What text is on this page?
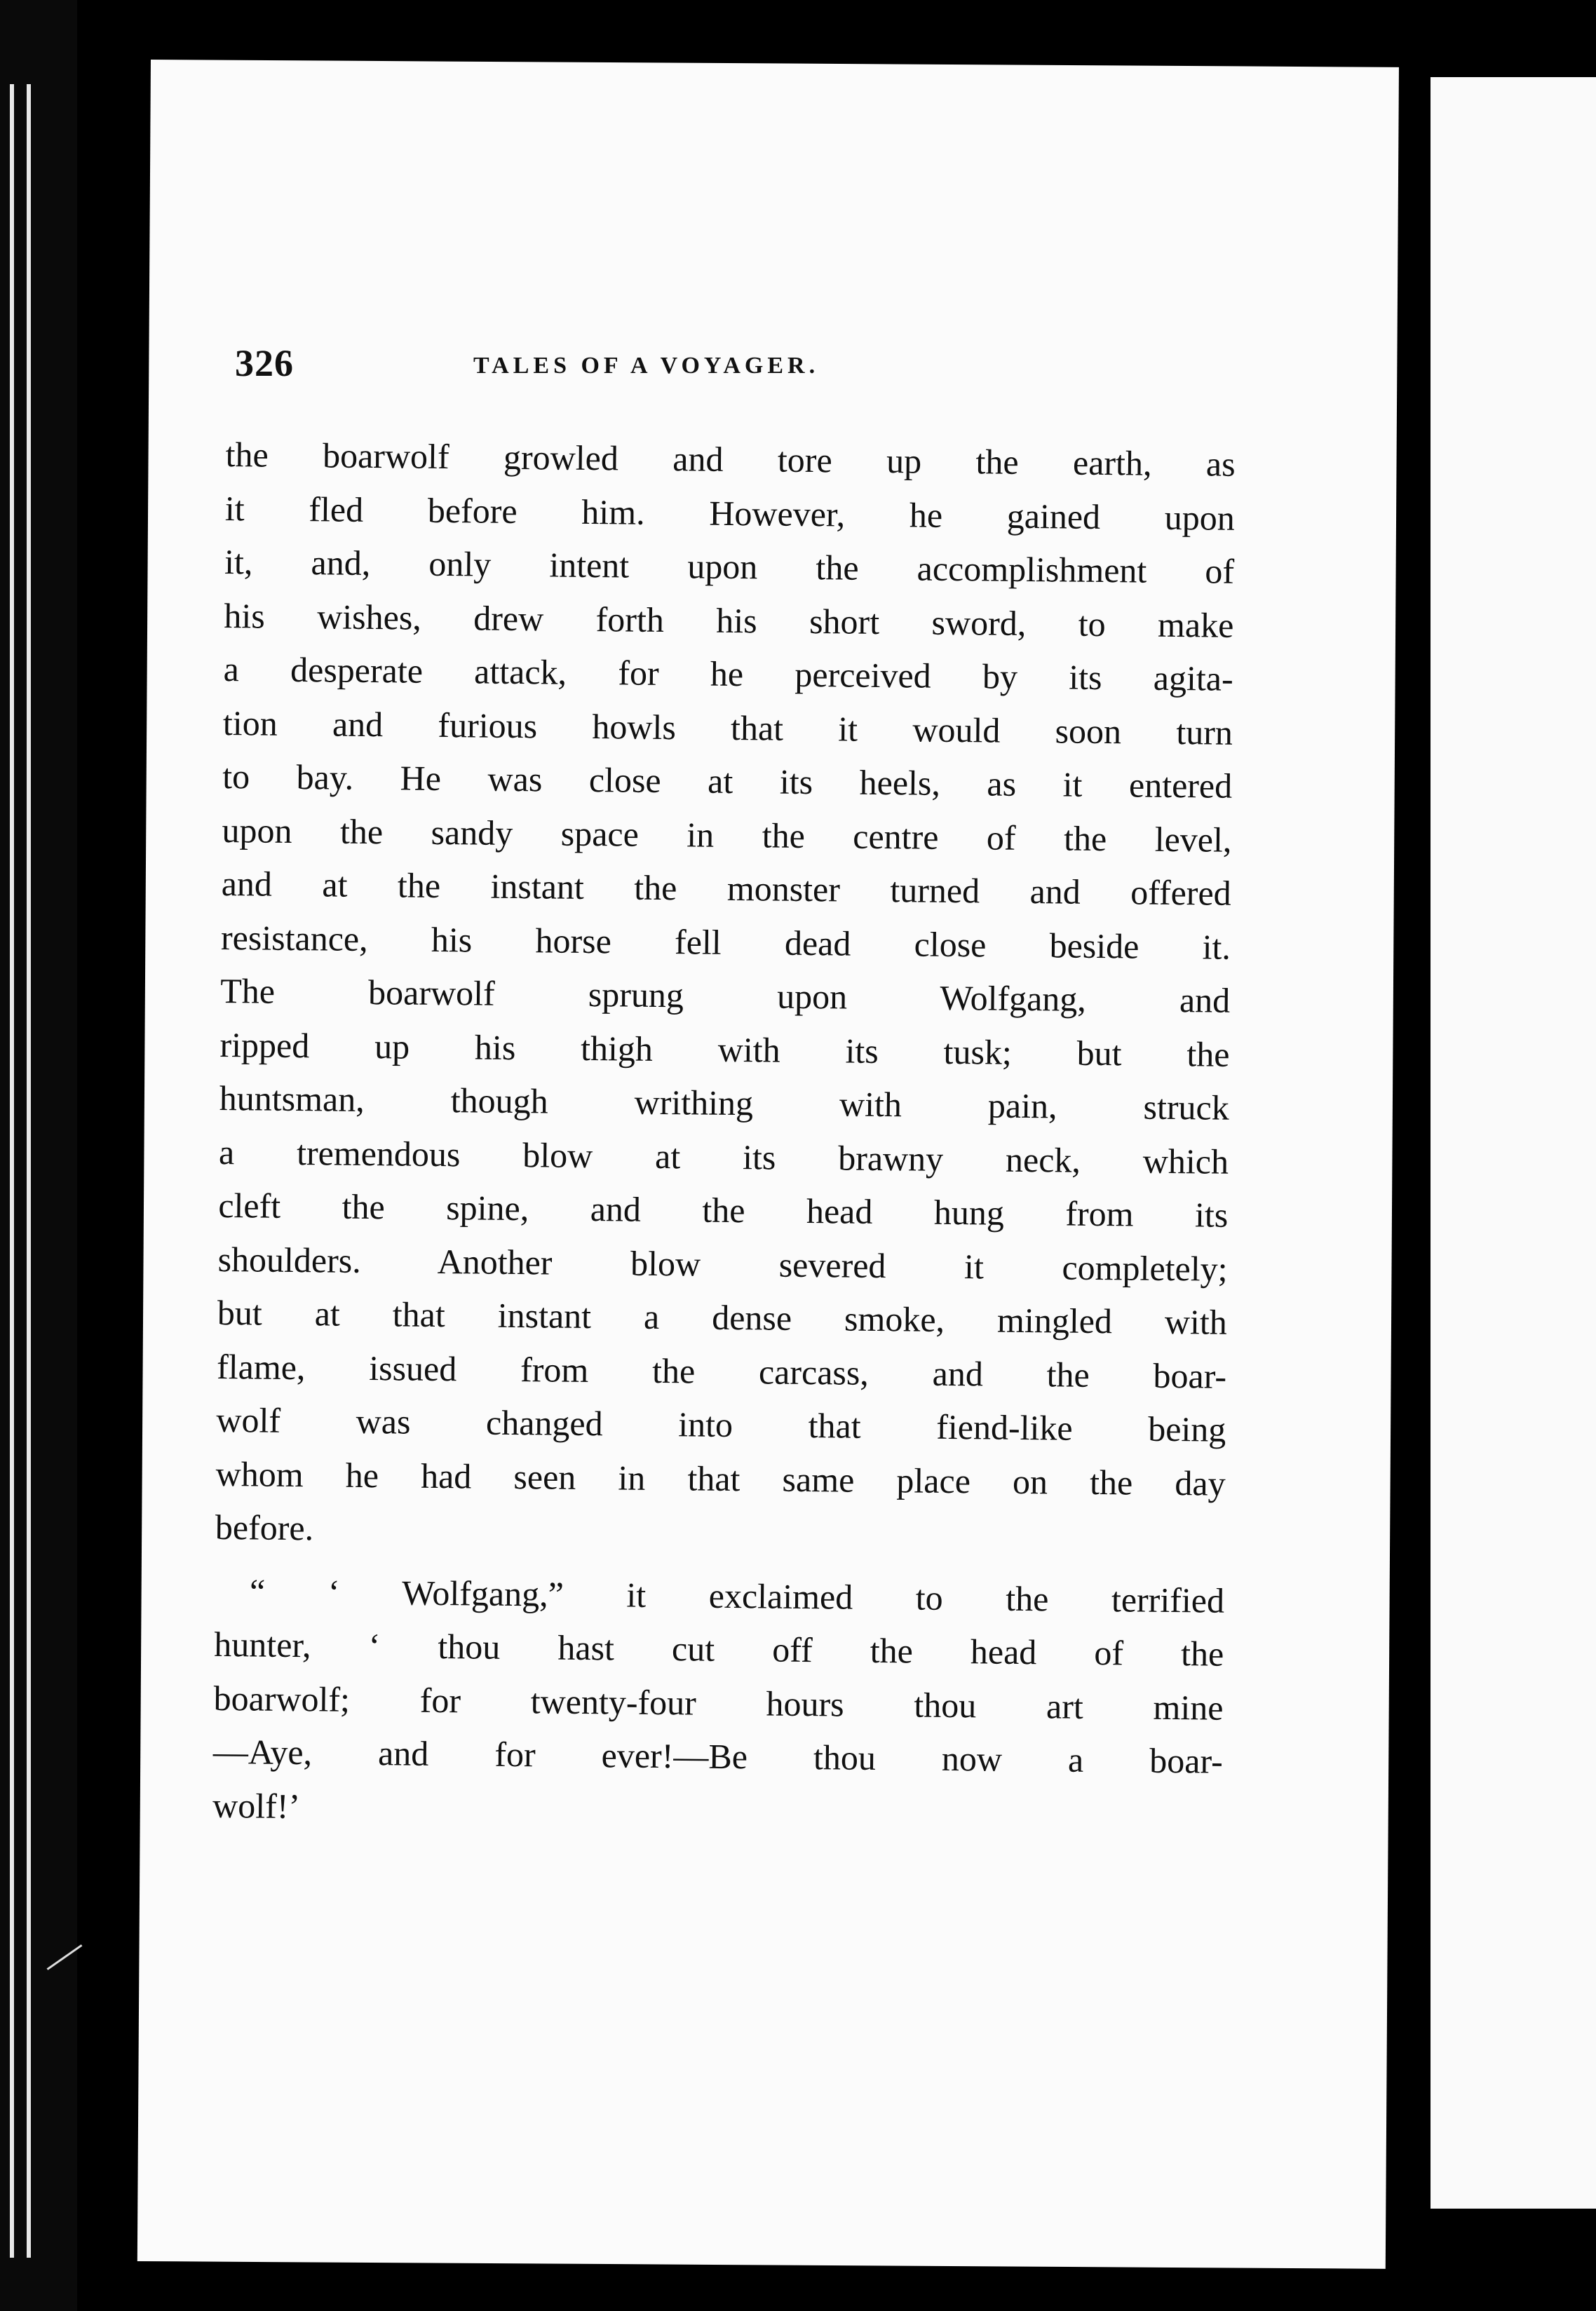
326	TALES OF A VOYAGER.
the boarwolf growled and tore up the earth, as
it fled before him. However, he gained upon
it, and, only intent upon the accomplishment of
his wishes, drew forth his short sword, to make
a desperate attack, for he perceived by its agita-
tion and furious howls that it would soon turn
to bay. He was close at its heels, as it entered
upon the sandy space in the centre of the level,
and at the instant the monster turned and offered
resistance, his horse fell dead close beside it.
The boarwolf sprung upon Wolfgang, and
ripped up his thigh with its tusk; but the
huntsman, though writhing with pain, struck
a tremendous blow at its brawny neck, which
cleft the spine, and the head hung from its
shoulders. Another blow severed it completely;
but at that instant a dense smoke, mingled with
flame, issued from the carcass, and the boar-
wolf was changed into that fiend-like being
whom he had seen in that same place on the day
before.
“ ‘ Wolfgang,” it exclaimed to the terrified
hunter, ‘ thou hast cut off the head of the
boarwolf; for twenty-four hours thou art mine
—Aye, and for ever!—Be thou now a boar-
wolf!’
